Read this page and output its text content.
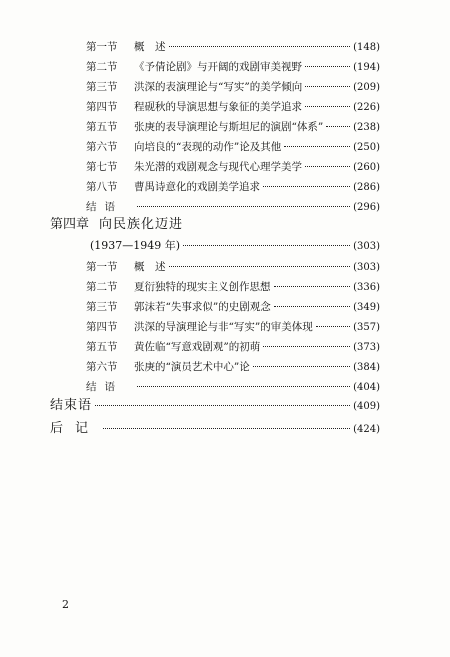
第一节	概　述	(148)
第二节	《予倩论剧》与开阔的戏剧审美视野	(194)
第三节	洪深的表演理论与“写实”的美学倾向	(209)
第四节	程砚秋的导演思想与象征的美学追求	(226)
第五节	张庚的表导演理论与斯坦尼的演剧“体系”	(238)
第六节	向培良的“表现的动作”论及其他	(250)
第七节	朱光潜的戏剧观念与现代心理学美学	(260)
第八节	曹禺诗意化的戏剧美学追求	(286)
结语	(296)
第四章 向民族化迈进
(1937—1949 年)	(303)
第一节	概　述	(303)
第二节	夏衍独特的现实主义创作思想	(336)
第三节	郭沫若“失事求似”的史剧观念	(349)
第四节	洪深的导演理论与非“写实”的审美体现	(357)
第五节	黄佐临“写意戏剧观”的初萌	(373)
第六节	张庚的“演员艺术中心”论	(384)
结语	(404)
结束语	(409)
后记	(424)
2
